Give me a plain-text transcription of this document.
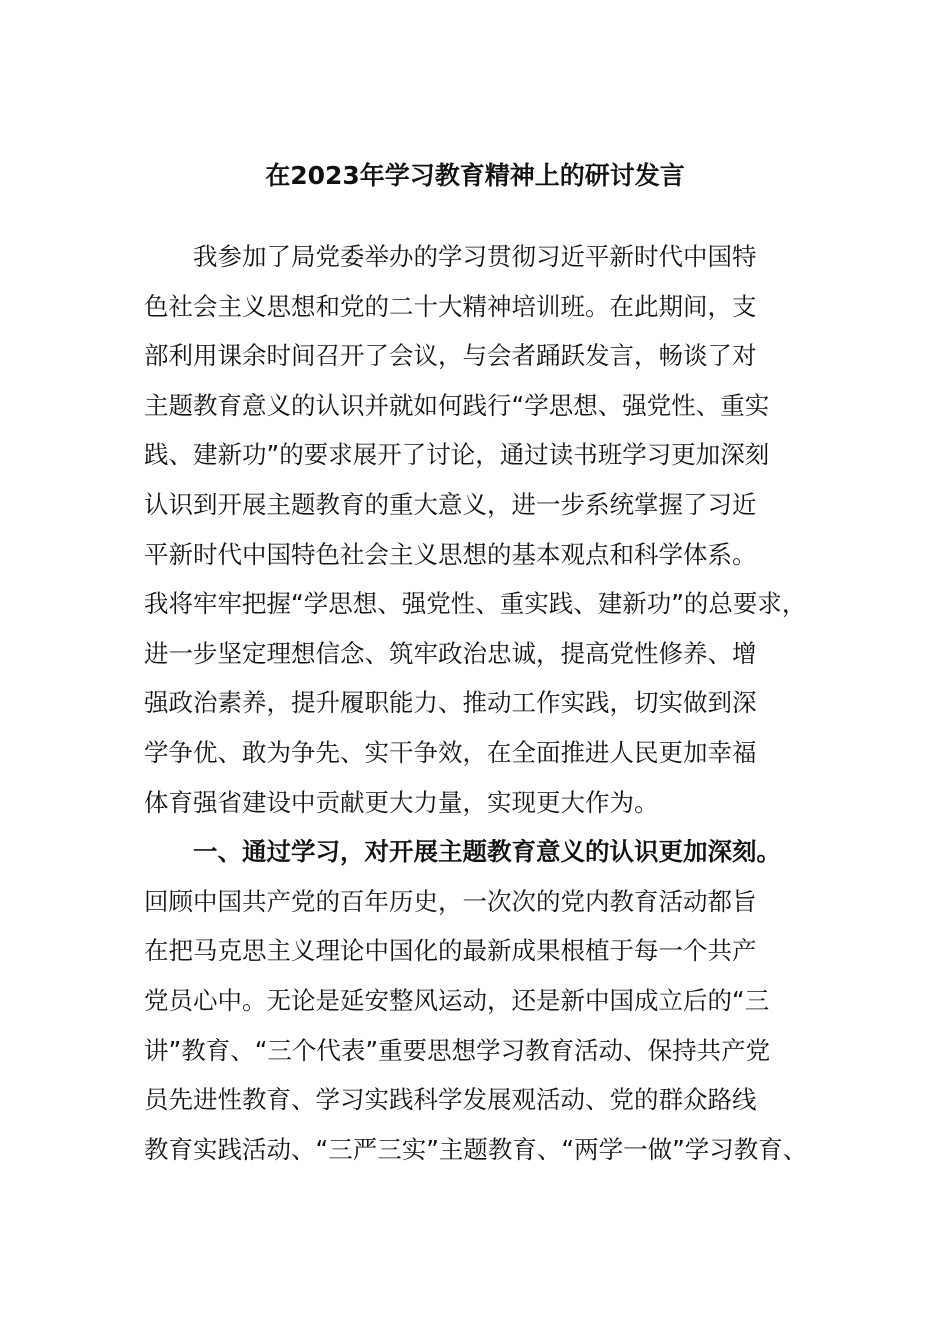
在2023年学习教育精神上的研讨发言
我参加了局党委举办的学习贯彻习近平新时代中国特
色社会主义思想和党的二十大精神培训班。在此期间，支
部利用课余时间召开了会议，与会者踊跃发言，畅谈了对
主题教育意义的认识并就如何践行“学思想、强党性、重实
践、建新功”的要求展开了讨论，通过读书班学习更加深刻
认识到开展主题教育的重大意义，进一步系统掌握了习近
平新时代中国特色社会主义思想的基本观点和科学体系。
我将牢牢把握“学思想、强党性、重实践、建新功”的总要求，
进一步坚定理想信念、筑牢政治忠诚，提高党性修养、增
强政治素养，提升履职能力、推动工作实践，切实做到深
学争优、敢为争先、实干争效，在全面推进人民更加幸福
体育强省建设中贡献更大力量，实现更大作为。
一、通过学习，对开展主题教育意义的认识更加深刻。
回顾中国共产党的百年历史，一次次的党内教育活动都旨
在把马克思主义理论中国化的最新成果根植于每一个共产
党员心中。无论是延安整风运动，还是新中国成立后的“三
讲”教育、“三个代表”重要思想学习教育活动、保持共产党
员先进性教育、学习实践科学发展观活动、党的群众路线
教育实践活动、“三严三实”主题教育、“两学一做”学习教育、
